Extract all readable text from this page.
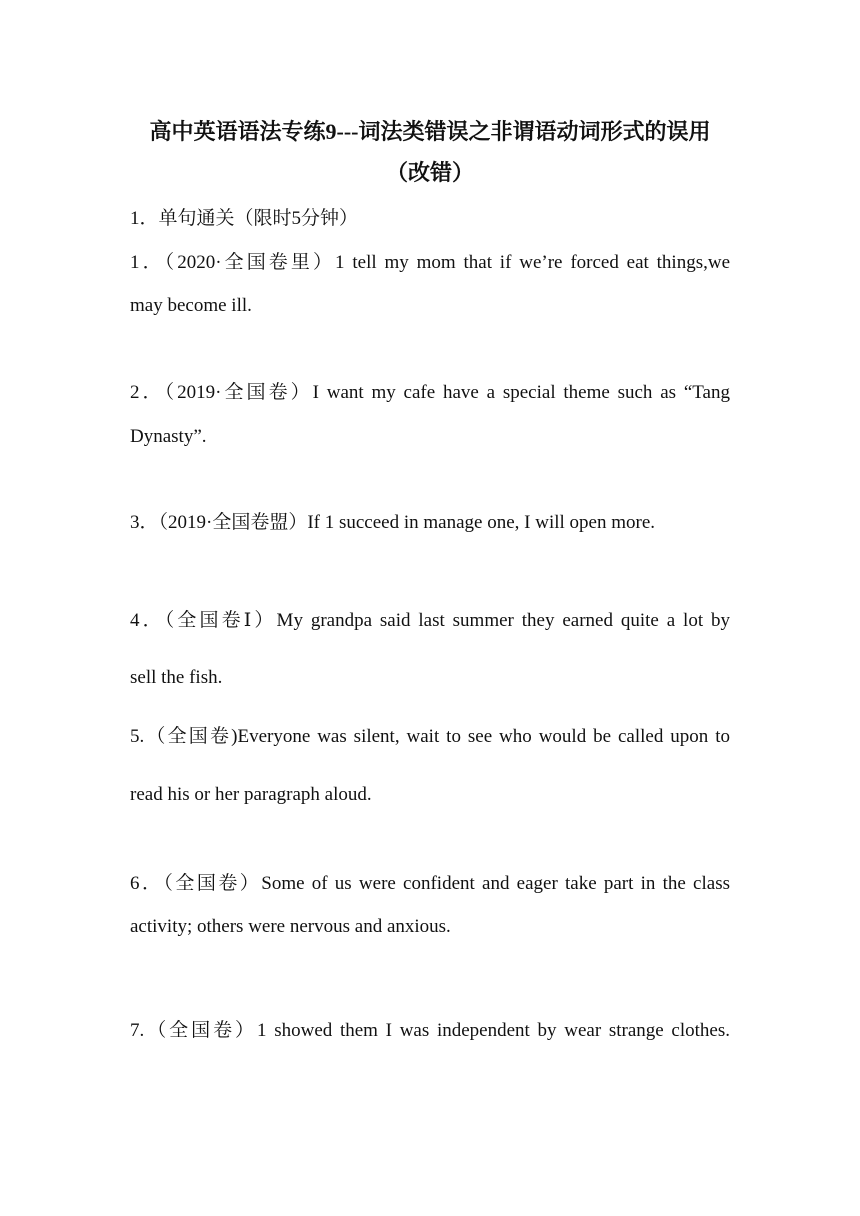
高中英语语法专练9---词法类错误之非谓语动词形式的误用
（改错）
1．单句通关（限时5分钟）
1．（2020·全国卷里）1 tell my mom that if we’re forced eat things,we
may become ill.
2．（2019·全国卷）I want my cafe have a special theme such as “Tang
Dynasty”.
3．（2019·全国卷盟）If 1 succeed in manage one, I will open more.
4．（全国卷Ⅰ）My grandpa said last summer they earned quite a lot by
sell the fish.
5.（全国卷)Everyone was silent, wait to see who would be called upon to
read his or her paragraph aloud.
6．（全国卷）Some of us were confident and eager take part in the class
activity; others were nervous and anxious.
7.（全国卷）1 showed them I was independent by wear strange clothes.
